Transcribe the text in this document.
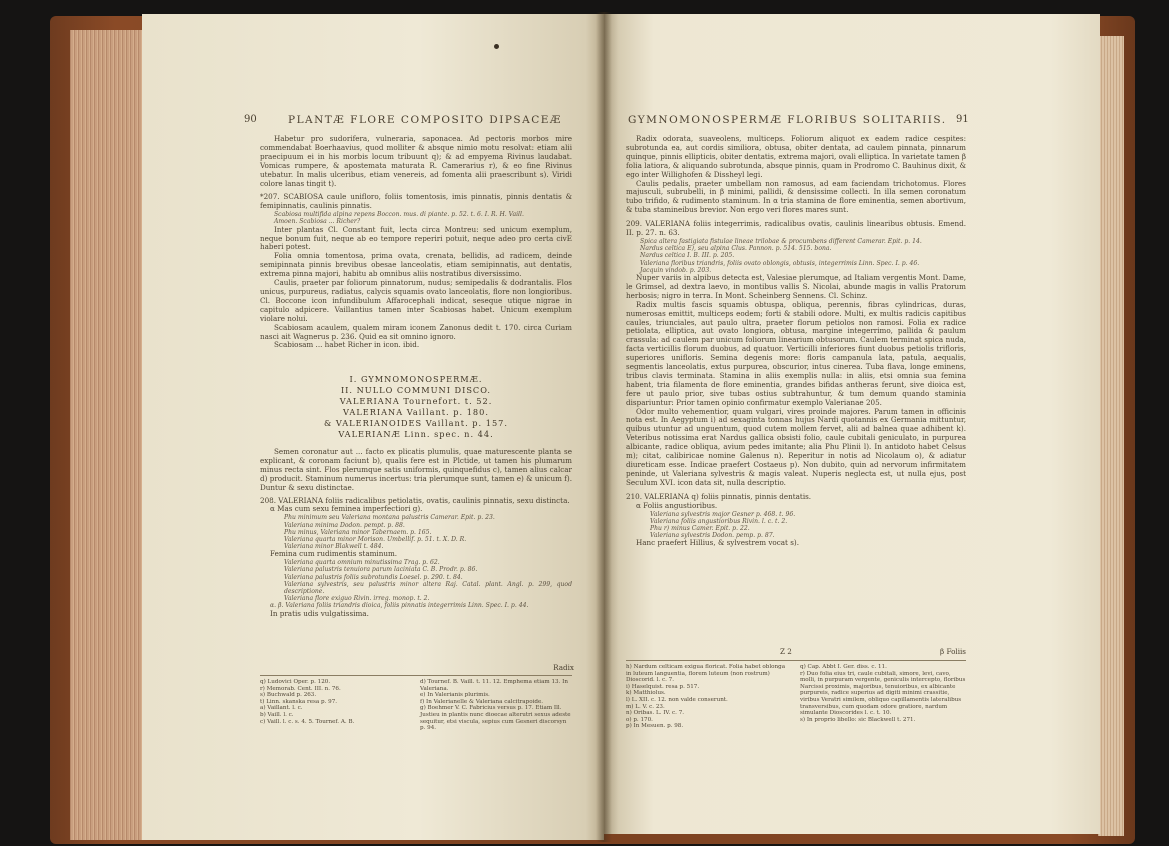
90	PLANTÆ FLORE COMPOSITO DIPSACEÆ

Habetur pro sudorifera, vulneraria, saponacea. Ad pectoris morbos mire commendabat Boerhaavius, quod molliter & absque nimio motu resolvat: etiam alii praecipuum ei in his morbis locum tribuunt q); & ad empyema Rivinus laudabat. Vomicas rumpere, & apostemata maturata R. Camerarius r), & eo fine Rivinus utebatur. In malis ulceribus, etiam venereis, ad fomenta alii praescribunt s). Viridi colore lanas tingit t).

*207. SCABIOSA caule unifloro, foliis tomentosis, imis pinnatis, pinnis dentatis & femipinnatis, caulinis pinnatis.

Scabiosa multifida alpina repens Boccon. mus. di piante. p. 52. t. 6. I. R. H. Vaill.

Amoen. Scabiosa ... Richer?

Inter plantas Cl. Constant fuit, lecta circa Montreu: sed unicum exemplum, neque bonum fuit, neque ab eo tempore reperiri potuit, neque adeo pro certa civE haberi potest.

Folia omnia tomentosa, prima ovata, crenata, bellidis, ad radicem, deinde semipinnata pinnis brevibus obesae lanceolatis, etiam semipinnatis, aut dentatis, extrema pinna majori, habitu ab omnibus aliis nostratibus diversissimo.

Caulis, praeter par foliorum pinnatorum, nudus; semipedalis & dodrantalis. Flos unicus, purpureus, radiatus, calycis squamis ovato lanceolatis, flore non longioribus. Cl. Boccone icon infundibulum Affarocephali indicat, seseque utique nigrae in capitulo adpicere. Vaillantius tamen inter Scabiosas habet. Unicum exemplum violare nolui.

Scabiosam acaulem, qualem miram iconem Zanonus dedit t. 170. circa Curiam nasci ait Wagnerus p. 236. Quid ea sit omnino ignoro.

Scabiosam ... habet Richer in icon. ibid.

I. GYMNOMONOSPERMÆ.
II. NULLO COMMUNI DISCO.
VALERIANA Tournefort. t. 52.
VALERIANA Vaillant. p. 180.
& VALERIANOIDES Vaillant. p. 157.
VALERIANÆ Linn. spec. n. 44.

Semen coronatur aut ... facto ex plicatis plumulis, quae maturescente planta se explicant, & coronam faciunt b), qualis fere est in Plctide, ut tamen his plumarum minus recta sint. Flos plerumque satis uniformis, quinquefidus c), tamen alius calcar d) producit. Staminum numerus incertus: tria plerumque sunt, tamen e) & unicum f). Duntur & sexu distinctae.

208. VALERIANA foliis radicalibus petiolatis, ovatis, caulinis pinnatis, sexu distincta.

α Mas cum sexu feminea imperfectiori g).

Phu minimum seu Valeriana montana palustris Camerar. Epit. p. 23.

Valeriana minima Dodon. pempt. p. 88.

Phu minus, Valeriana minor Tabernaem. p. 165.

Valeriana quarta minor Morison. Umbellif. p. 51. t. X. D. R.

Valeriana minor Blakwell t. 484.

Femina cum rudimentis staminum.

Valeriana quarta omnium minutissima Trag. p. 62.

Valeriana palustris tenuiora parum laciniata C. B. Prodr. p. 86.

Valeriana palustris foliis subrotundis Loesel. p. 290. t. 84.

Valeriana sylvestris, seu palustris minor altera Raj. Catal. plant. Angl. p. 299, quod descriptione.

Valeriana flore exiguo Rivin. irreg. monop. t. 2.

α. β. Valeriana foliis triandris dioica, foliis pinnatis integerrimis Linn. Spec. I. p. 44.

In pratis udis vulgatissima.

Radix
q) Ludovici Oper. p. 120.
r) Memorab. Cent. III. n. 76.
s) Buchwald p. 263.
t) Linn. skanska resa p. 97.
a) Vaillant. l. c.
b) Vaill. l. c.
c) Vaill. l. c. s. 4. 5. Tournef. A. B.
d) Tournef. B. Vaill. t. 11. 12. Emphema etiam 13. In Valeriana.
e) In Valerianis plurimis.
f) In Valerianelle & Valeriana calcitrapoide.
g) Boehmer V. C. Fabricius versus p. 17. Etiam Ill. Justieu in plantis nunc dioecae alterutri sexus adeste sequitur, etsi viscula, sepius cum Gesneri discorsyn p. 94.
GYMNOMONOSPERMÆ FLORIBUS SOLITARIIS. 91

Radix odorata, suaveolens, multiceps. Foliorum aliquot ex eadem radice cespites: subrotunda ea, aut cordis similiora, obtusa, obiter dentata, ad caulem pinnata, pinnarum quinque, pinnis ellipticis, obiter dentatis, extrema majori, ovali elliptica. In varietate tamen β folia latiora, & aliquando subrotunda, absque pinnis, quam in Prodromo C. Bauhinus dixit, & ego inter Willighofen & Dissheyl legi.

Caulis pedalis, praeter umbellam non ramosus, ad eam faciendam trichotomus. Flores majusculi, subrubelli, in β minimi, pallidi, & densissime collecti. In illa semen coronatum tubo trifido, & rudimento staminum. In α tria stamina de flore eminentia, semen abortivum, & tuba stamineibus brevior. Non ergo veri flores mares sunt.

209. VALERIANA foliis integerrimis, radicalibus ovatis, caulinis linearibus obtusis. Emend. II. p. 27. n. 63.

Spica altera fastigiata fistulae lineae trilobae & procumbens different Camerar. Epit. p. 14.

Nardus celtica E), seu alpina Clus. Pannon. p. 514. 515. bona.

Nardus celtica I. B. III. p. 205.

Valeriana floribus triandris, foliis ovato oblongis, obtusis, integerrimis Linn. Spec. I. p. 46.

Jacquin vindob. p. 203.

Nuper variis in alpibus detecta est, Valesiae plerumque, ad Italiam vergentis Mont. Dame, le Grimsel, ad dextra laevo, in montibus vallis S. Nicolai, abunde magis in vallis Pratorum herbosis; nigro in terra. In Mont. Scheinberg Sennens. Cl. Schinz.

Radix multis fascis squamis obtuspa, obliqua, perennis, fibras cylindricas, duras, numerosas emittit, multiceps eodem; forti & stabili odore. Multi, ex multis radicis capitibus caules, triunciales, aut paulo ultra, praeter florum petiolos non ramosi. Folia ex radice petiolata, elliptica, aut ovato longiora, obtusa, margine integerrimo, pallida & paulum crassula: ad caulem par unicum foliorum linearium obtusorum. Caulem terminat spica nuda, facta verticillis florum duobus, ad quatuor. Verticilli inferiores fiunt duobus petiolis trifloris, superiores unifloris. Semina degenis more: floris campanula lata, patula, aequalis, segmentis lanceolatis, extus purpurea, obscurior, intus cinerea. Tuba flava, longe eminens, tribus clavis terminata. Stamina in aliis exemplis nulla: in aliis, etsi omnia sua femina habent, tria filamenta de flore eminentia, grandes bifidas antheras ferunt, sive dioica est, fere ut paulo prior, sive tubas ostius subtrahuntur, & tum demum quando staminia dispariuntur: Prior tamen opinio confirmatur exemplo Valerianae 205.

Odor multo vehementior, quam vulgari, vires proinde majores. Parum tamen in officinis nota est. In Aegyptum i) ad sexaginta tonnas hujus Nardi quotannis ex Germania mittuntur, quibus utuntur ad unguentum, quod cutem mollem fervet, alii ad balnea quae adhibent k). Veteribus notissima erat Nardus gallica obsisti folio, caule cubitali geniculato, in purpurea albicante, radice obliqua, avium pedes imitante; alia Phu Plinii l). In antidoto habet Celsus m); citat, calibiricae nomine Galenus n). Reperitur in notis ad Nicolaum o), & adiatur diureticam esse. Indicae praefert Costaeus p). Non dubito, quin ad nervorum infirmitatem peninde, ut Valeriana sylvestris & magis valeat. Nuperis neglecta est, ut nulla ejus, post Seculum XVI. icon data sit, nulla descriptio.

210. VALERIANA q) foliis pinnatis, pinnis dentatis.

α Foliis angustioribus.

Valeriana sylvestris major Gesner p. 468. t. 96.

Valeriana foliis angustioribus Rivin. l. c. t. 2.

Phu r) minus Camer. Epit. p. 22.

Valeriana sylvestris Dodon. pemp. p. 87.

Hanc praefert Hillius, & sylvestrem vocat s).

Z 2	β Foliis
h) Nardum celticam exigua floricat. Folia habet oblonga in luteum languentia, florem luteum (non rostrum) Dioscorid. l. c. 7.
i) Haselquist. resa p. 517.
k) Matthiolus.
l) L. XII. c. 12. non valde conserunt.
m) L. V. c. 23.
n) Oribas. L. IV. c. 7.
o) p. 170.
p) In Mesuen. p. 98.
q) Cap. Abbt I. Ger. diss. c. 11.
r) Duo folia eius tri, caule cubitali, simore, levi, cavo, molli, in purpuram vergente, geniculis intercepto, floribus Narcissi proximis, majoribus, tenuioribus, ex albicante purpureis, radice superius ad digiti minimi crassitie, viribus Veratri similem, obliquo capillamentis lateralibus transversibus, cum quodam odore gratiore, nardum simulante Dioscorides l. c. t. 10.
s) In proprio libello: sic Blackwell t. 271.
